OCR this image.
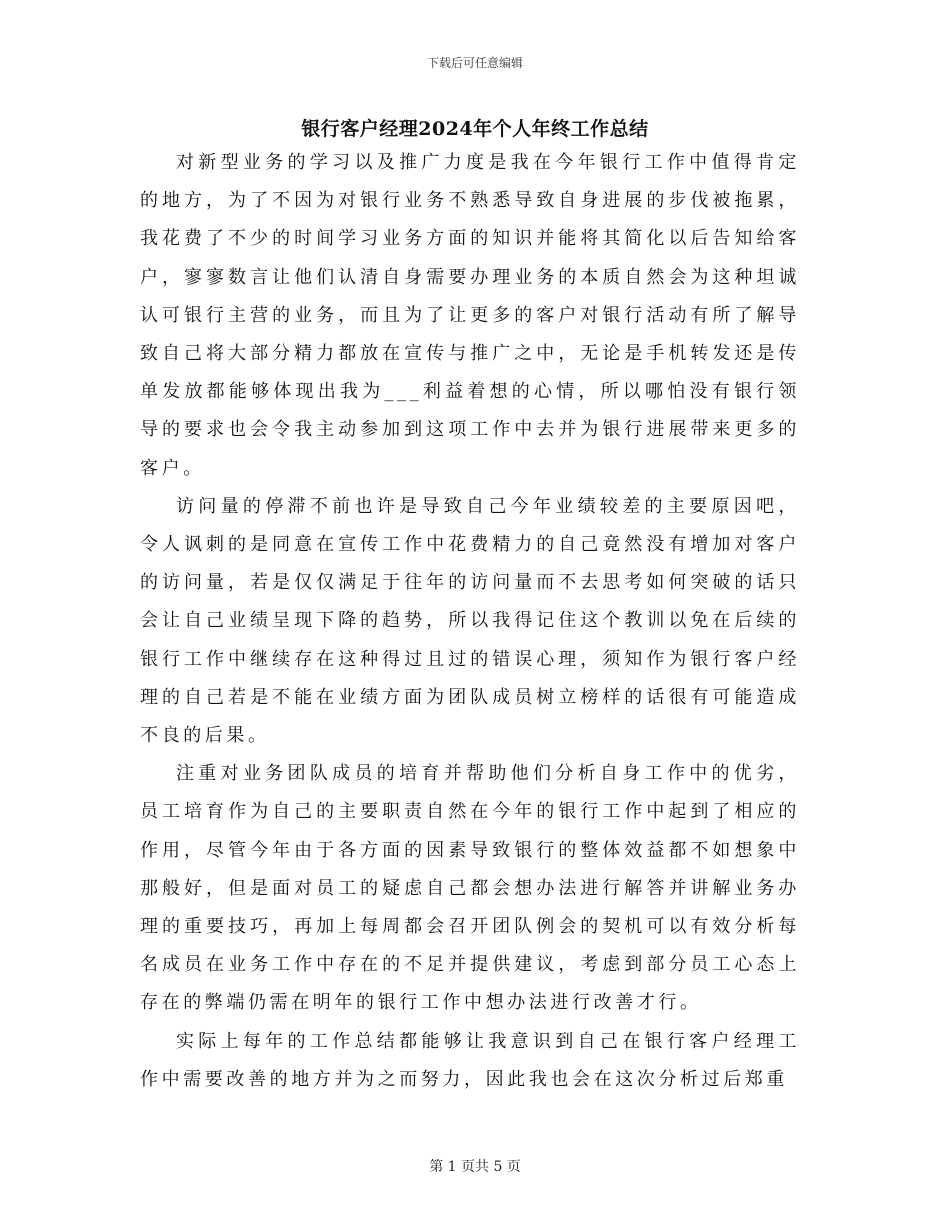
下载后可任意编辑
银行客户经理2024年个人年终工作总结

对新型业务的学习以及推广力度是我在今年银行工作中值得肯定的地方，为了不因为对银行业务不熟悉导致自身进展的步伐被拖累，我花费了不少的时间学习业务方面的知识并能将其简化以后告知给客户，寥寥数言让他们认清自身需要办理业务的本质自然会为这种坦诚认可银行主营的业务，而且为了让更多的客户对银行活动有所了解导致自己将大部分精力都放在宣传与推广之中，无论是手机转发还是传单发放都能够体现出我为___利益着想的心情，所以哪怕没有银行领导的要求也会令我主动参加到这项工作中去并为银行进展带来更多的客户。

访问量的停滞不前也许是导致自己今年业绩较差的主要原因吧，令人讽刺的是同意在宣传工作中花费精力的自己竟然没有增加对客户的访问量，若是仅仅满足于往年的访问量而不去思考如何突破的话只会让自己业绩呈现下降的趋势，所以我得记住这个教训以免在后续的银行工作中继续存在这种得过且过的错误心理，须知作为银行客户经理的自己若是不能在业绩方面为团队成员树立榜样的话很有可能造成不良的后果。

注重对业务团队成员的培育并帮助他们分析自身工作中的优劣，员工培育作为自己的主要职责自然在今年的银行工作中起到了相应的作用，尽管今年由于各方面的因素导致银行的整体效益都不如想象中那般好，但是面对员工的疑虑自己都会想办法进行解答并讲解业务办理的重要技巧，再加上每周都会召开团队例会的契机可以有效分析每名成员在业务工作中存在的不足并提供建议，考虑到部分员工心态上存在的弊端仍需在明年的银行工作中想办法进行改善才行。

实际上每年的工作总结都能够让我意识到自己在银行客户经理工作中需要改善的地方并为之而努力，因此我也会在这次分析过后郑重

第 1 页共 5 页
